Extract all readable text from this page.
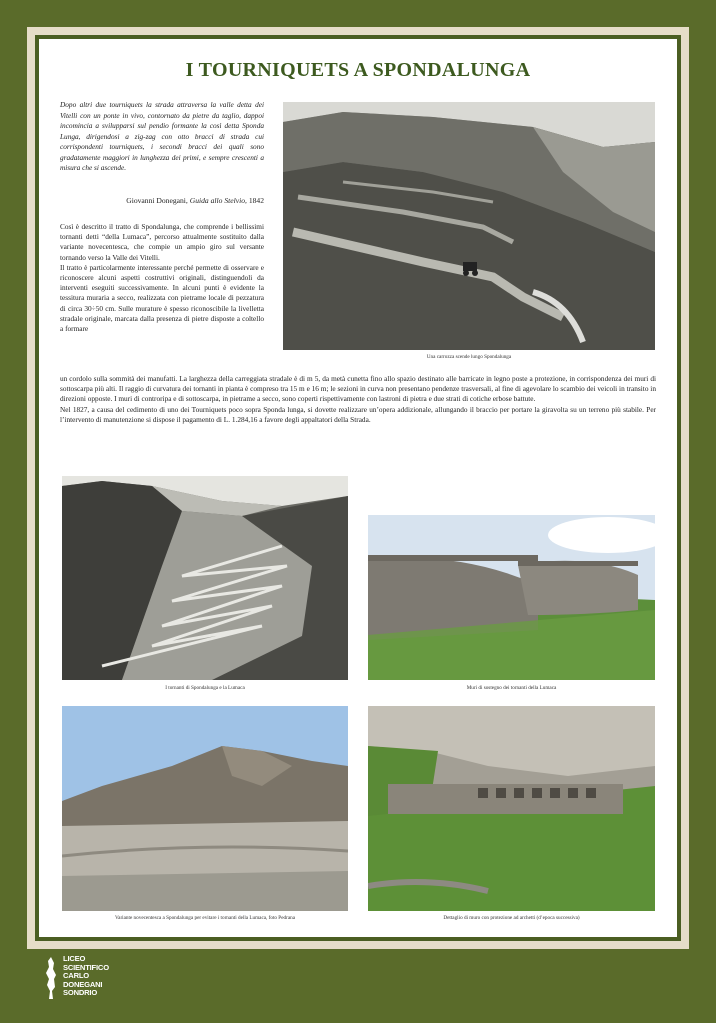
I TOURNIQUETS A SPONDALUNGA
Dopo altri due tourniquets la strada attraversa la valle detta dei Vitelli con un ponte in vivo, contornato da pietre da taglio, dappoi incomincia a svilupparsi sul pendio formante la così detta Sponda Lunga, dirigendosi a zig-zag con otto bracci di strada cui corrispondenti tourniquets, i secondi bracci dei quali sono gradatamente maggiori in lunghezza dei primi, e sempre crescenti a misura che si ascende.
Giovanni Donegani, Guida allo Stelvio, 1842

Così è descritto il tratto di Spondalunga, che comprende i bellissimi tornanti detti “della Lumaca”, percorso attualmente sostituito dalla variante novecentesca, che compie un ampio giro sul versante tornando verso la Valle dei Vitelli.

Il tratto è particolarmente interessante perché permette di osservare e riconoscere alcuni aspetti costruttivi originali, distinguendoli da interventi eseguiti successivamente. In alcuni punti è evidente la tessitura muraria a secco, realizzata con pietrame locale di pezzatura di circa 30÷50 cm. Sulle murature è spesso riconoscibile la livelletta stradale originale, marcata dalla presenza di pietre disposte a coltello a formare

un cordolo sulla sommità dei manufatti. La larghezza della carreggiata stradale è di m 5, da metà cunetta fino allo spazio destinato alle barricate in legno poste a protezione, in corrispondenza dei muri di sottoscarpa più alti. Il raggio di curvatura dei tornanti in pianta è compreso tra 15 m e 16 m; le sezioni in curva non presentano pendenze trasversali, al fine di agevolare lo scambio dei veicoli in transito in direzioni opposte. I muri di controripa e di sottoscarpa, in pietrame a secco, sono coperti rispettivamente con lastroni di pietra e due strati di cotiche erbose battute.

Nel 1827, a causa del cedimento di uno dei Tourniquets poco sopra Sponda lunga, si dovette realizzare un’opera addizionale, allungando il braccio per portare la giravolta su un terreno più stabile. Per l’intervento di manutenzione si dispose il pagamento di L. 1.284,16 a favore degli appaltatori della Strada.

Una carrozza scende lungo Spondalunga
I tornanti di Spondalunga e la Lumaca	Muri di sostegno dei tornanti della Lumaca
Variante novecentesca a Spondalunga per evitare i tornanti della Lumaca, foto Pedrana	Dettaglio di muro con protezione ad archetti (d’epoca successiva)
LICEO
SCIENTIFICO
CARLO
DONEGANI
SONDRIO
